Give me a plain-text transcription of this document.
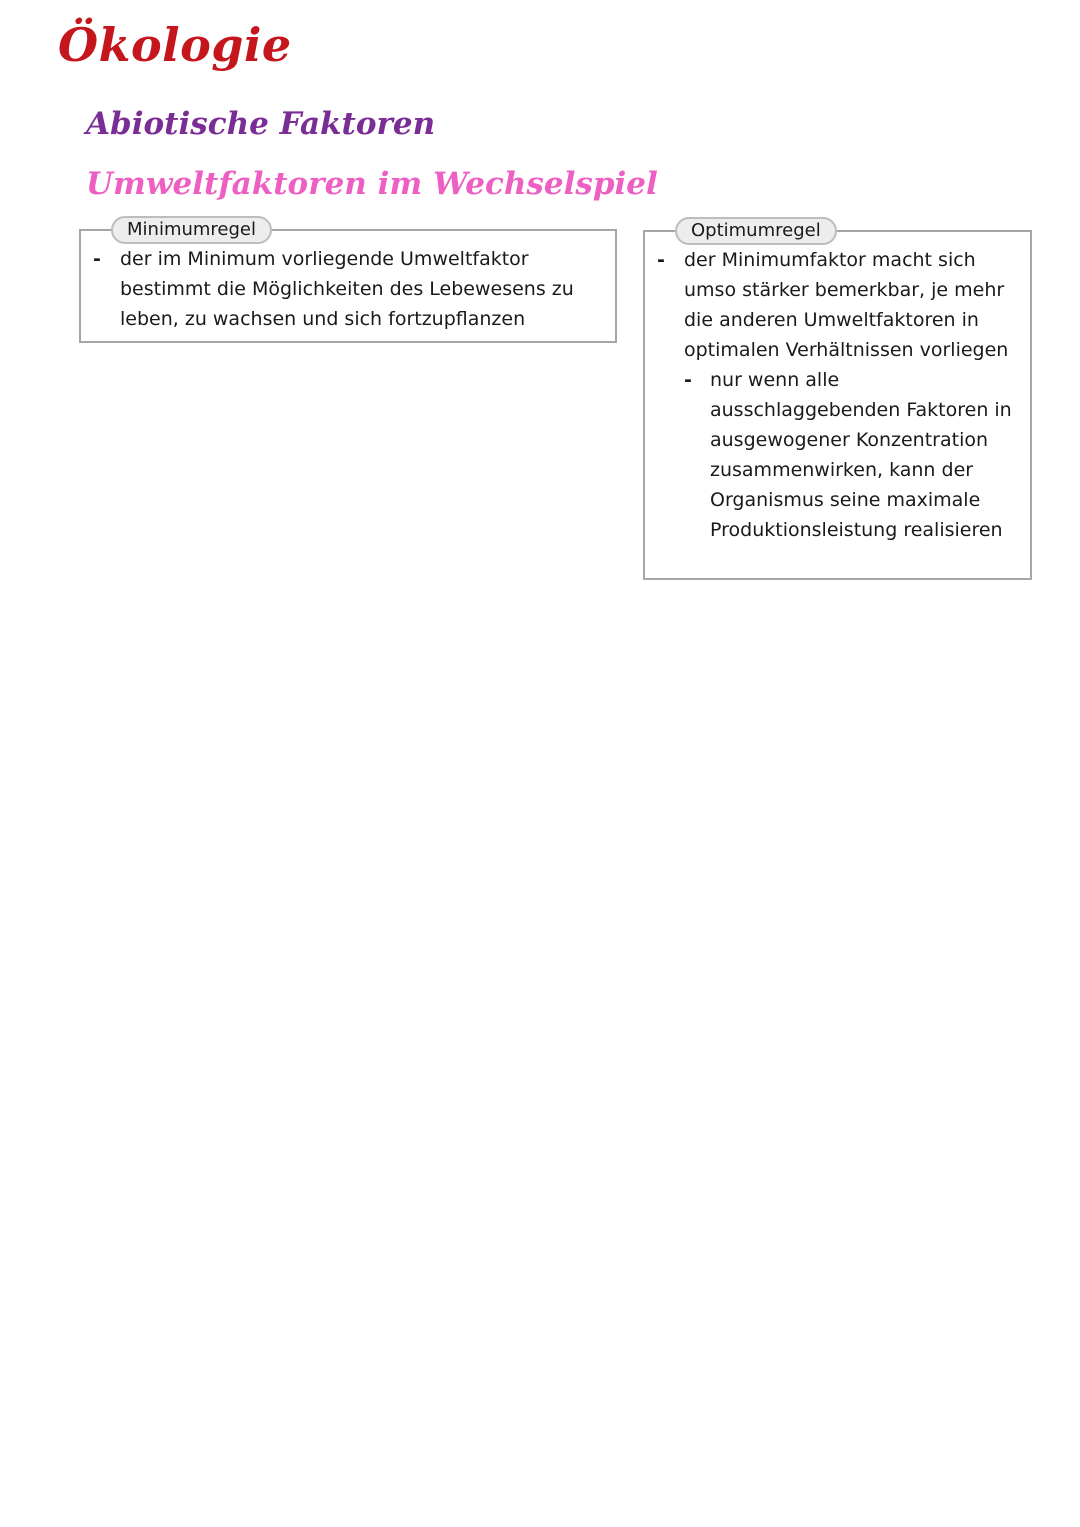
Ökologie
Abiotische Faktoren
Umweltfaktoren im Wechselspiel
Minimumregel
-	der im Minimum vorliegende Umweltfaktor bestimmt die Möglichkeiten des Lebewesens zu leben, zu wachsen und sich fortzupflanzen
Optimumregel
-	der Minimumfaktor macht sich umso stärker bemerkbar, je mehr die anderen Umweltfaktoren in optimalen Verhältnissen vorliegen
- nur wenn alle ausschlaggebenden Faktoren in ausgewogener Konzentration zusammenwirken, kann der Organismus seine maximale Produktionsleistung realisieren
